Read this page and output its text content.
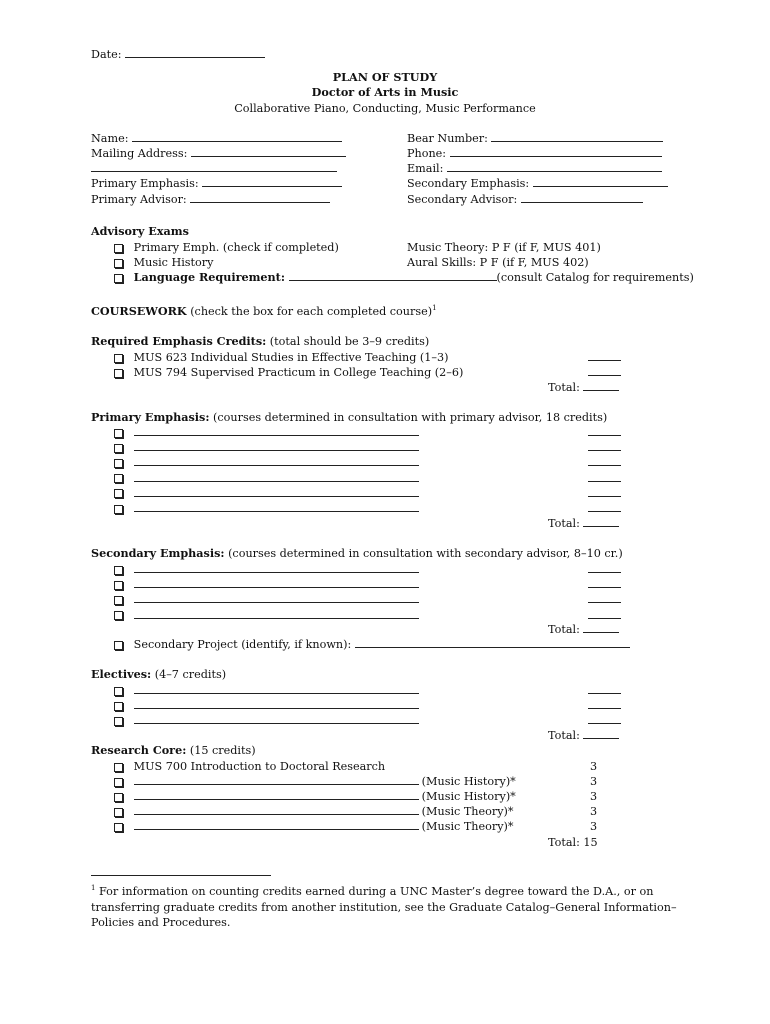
Date:
PLAN OF STUDY
Doctor of Arts in Music
Collaborative Piano, Conducting, Music Performance
Name:
Mailing Address:
Primary Emphasis:
Primary Advisor:
Bear Number:
Phone:
Email:
Secondary Emphasis:
Secondary Advisor:
Advisory Exams
Primary Emph. (check if completed)
Music History
Language Requirement:	(consult Catalog for requirements)
Music Theory: P F (if F, MUS 401)
Aural Skills: P F (if F, MUS 402)
COURSEWORK (check the box for each completed course)$^1$
Required Emphasis Credits: (total should be 3–9 credits)
MUS 623 Individual Studies in Effective Teaching (1–3)
MUS 794 Supervised Practicum in College Teaching (2–6)
Total:
Primary Emphasis: (courses determined in consultation with primary advisor, 18 credits)
Total:
Secondary Emphasis: (courses determined in consultation with secondary advisor, 8–10 cr.)
Total:
Secondary Project (identify, if known):
Electives: (4–7 credits)
Total:
Research Core: (15 credits)
MUS 700 Introduction to Doctoral Research	3
3
3
3
3
Total: 15
$^1$ For information on counting credits earned during a UNC Master’s degree toward the D.A., or on
transferring graduate credits from another institution, see the Graduate Catalog–General Information–
Policies and Procedures.

(Music History)*
(Music History)*
(Music Theory)*
(Music Theory)*
